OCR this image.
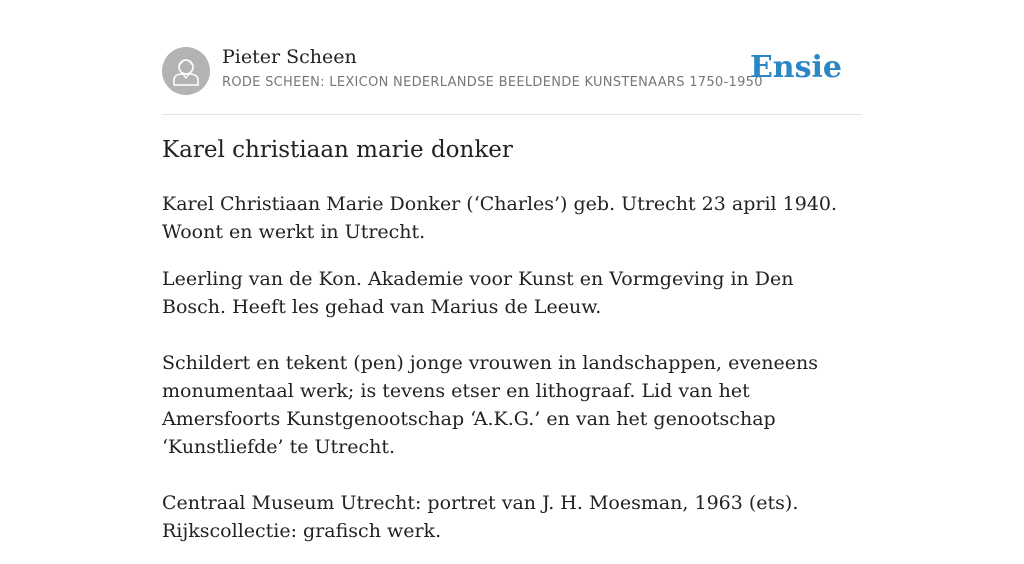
Pieter Scheen
RODE SCHEEN: LEXICON NEDERLANDSE BEELDENDE KUNSTENAARS 1750-1950
Ensie
Karel christiaan marie donker

Karel Christiaan Marie Donker (‘Charles’) geb. Utrecht 23 april 1940. Woont en werkt in Utrecht.

Leerling van de Kon. Akademie voor Kunst en Vormgeving in Den Bosch. Heeft les gehad van Marius de Leeuw.

Schildert en tekent (pen) jonge vrouwen in landschappen, eveneens monumentaal werk; is tevens etser en lithograaf. Lid van het Amersfoorts Kunstgenootschap ‘A.K.G.’ en van het genootschap ‘Kunstliefde’ te Utrecht.

Centraal Museum Utrecht: portret van J. H. Moesman, 1963 (ets). Rijkscollectie: grafisch werk.
